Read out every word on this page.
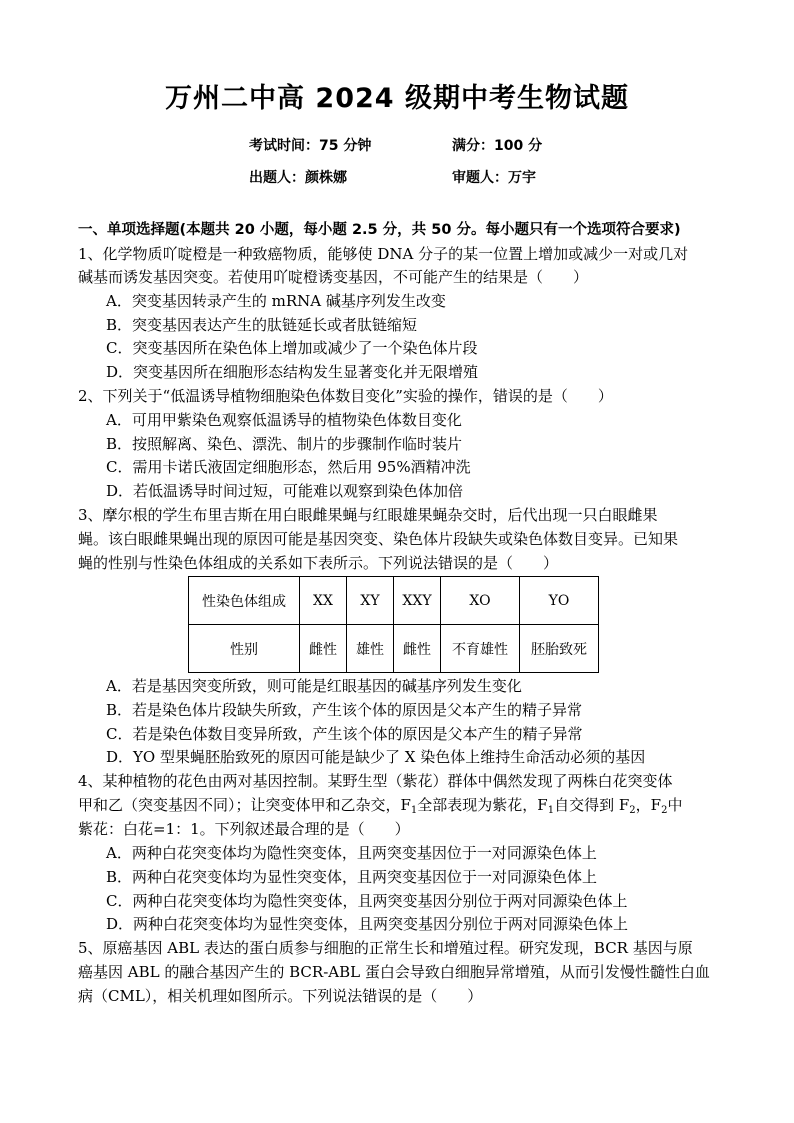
万州二中高 2024 级期中考生物试题
考试时间：75 分钟	满分：100 分
出题人：颜株娜	审题人：万宇
一、单项选择题(本题共 20 小题，每小题 2.5 分，共 50 分。每小题只有一个选项符合要求)
1、化学物质吖啶橙是一种致癌物质，能够使 DNA 分子的某一位置上增加或减少一对或几对
碱基而诱发基因突变。若使用吖啶橙诱变基因，不可能产生的结果是（　　）
A．突变基因转录产生的 mRNA 碱基序列发生改变
B．突变基因表达产生的肽链延长或者肽链缩短
C．突变基因所在染色体上增加或减少了一个染色体片段
D．突变基因所在细胞形态结构发生显著变化并无限增殖
2、下列关于“低温诱导植物细胞染色体数目变化”实验的操作，错误的是（　　）
A．可用甲紫染色观察低温诱导的植物染色体数目变化
B．按照解离、染色、漂洗、制片的步骤制作临时装片
C．需用卡诺氏液固定细胞形态，然后用 95%酒精冲洗
D．若低温诱导时间过短，可能难以观察到染色体加倍
3、摩尔根的学生布里吉斯在用白眼雌果蝇与红眼雄果蝇杂交时，后代出现一只白眼雌果
蝇。该白眼雌果蝇出现的原因可能是基因突变、染色体片段缺失或染色体数目变异。已知果
蝇的性别与性染色体组成的关系如下表所示。下列说法错误的是（　　）
性染色体组成	XX	XY	XXY	XO	YO
性别	雌性	雄性	雌性	不育雄性	胚胎致死
A．若是基因突变所致，则可能是红眼基因的碱基序列发生变化
B．若是染色体片段缺失所致，产生该个体的原因是父本产生的精子异常
C．若是染色体数目变异所致，产生该个体的原因是父本产生的精子异常
D．YO 型果蝇胚胎致死的原因可能是缺少了 X 染色体上维持生命活动必须的基因
4、某种植物的花色由两对基因控制。某野生型（紫花）群体中偶然发现了两株白花突变体
甲和乙（突变基因不同）；让突变体甲和乙杂交，$F_1$全部表现为紫花，$F_1$自交得到 $F_2$，$F_2$中
紫花：白花=1：1。下列叙述最合理的是（　　）
A．两种白花突变体均为隐性突变体，且两突变基因位于一对同源染色体上
B．两种白花突变体均为显性突变体，且两突变基因位于一对同源染色体上
C．两种白花突变体均为隐性突变体，且两突变基因分别位于两对同源染色体上
D．两种白花突变体均为显性突变体，且两突变基因分别位于两对同源染色体上
5、原癌基因 ABL 表达的蛋白质参与细胞的正常生长和增殖过程。研究发现，BCR 基因与原
癌基因 ABL 的融合基因产生的 BCR-ABL 蛋白会导致白细胞异常增殖，从而引发慢性髓性白血
病（CML），相关机理如图所示。下列说法错误的是（　　）
